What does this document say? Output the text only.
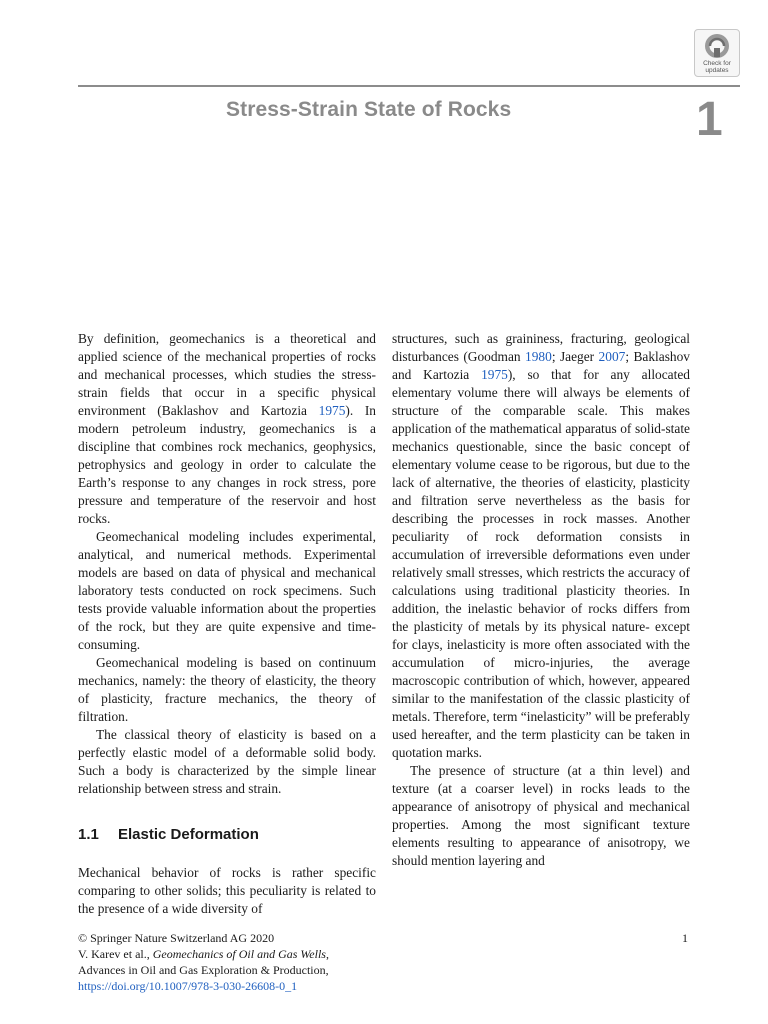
Check for updates
Stress-Strain State of Rocks	1

By definition, geomechanics is a theoretical and applied science of the mechanical properties of rocks and mechanical processes, which studies the stress-strain fields that occur in a specific physical environment (Baklashov and Kartozia 1975). In modern petroleum industry, geomechanics is a discipline that combines rock mechanics, geophysics, petrophysics and geology in order to calculate the Earth’s response to any changes in rock stress, pore pressure and temperature of the reservoir and host rocks.

Geomechanical modeling includes experimental, analytical, and numerical methods. Experimental models are based on data of physical and mechanical laboratory tests conducted on rock specimens. Such tests provide valuable information about the properties of the rock, but they are quite expensive and time-consuming.

Geomechanical modeling is based on continuum mechanics, namely: the theory of elasticity, the theory of plasticity, fracture mechanics, the theory of filtration.

The classical theory of elasticity is based on a perfectly elastic model of a deformable solid body. Such a body is characterized by the simple linear relationship between stress and strain.

1.1 Elastic Deformation

Mechanical behavior of rocks is rather specific comparing to other solids; this peculiarity is related to the presence of a wide diversity of

structures, such as graininess, fracturing, geological disturbances (Goodman 1980; Jaeger 2007; Baklashov and Kartozia 1975), so that for any allocated elementary volume there will always be elements of structure of the comparable scale. This makes application of the mathematical apparatus of solid-state mechanics questionable, since the basic concept of elementary volume cease to be rigorous, but due to the lack of alternative, the theories of elasticity, plasticity and filtration serve nevertheless as the basis for describing the processes in rock masses. Another peculiarity of rock deformation consists in accumulation of irreversible deformations even under relatively small stresses, which restricts the accuracy of calculations using traditional plasticity theories. In addition, the inelastic behavior of rocks differs from the plasticity of metals by its physical nature- except for clays, inelasticity is more often associated with the accumulation of micro-injuries, the average macroscopic contribution of which, however, appeared similar to the manifestation of the classic plasticity of metals. Therefore, term “inelasticity” will be preferably used hereafter, and the term plasticity can be taken in quotation marks.

The presence of structure (at a thin level) and texture (at a coarser level) in rocks leads to the appearance of anisotropy of physical and mechanical properties. Among the most significant texture elements resulting to appearance of anisotropy, we should mention layering and

© Springer Nature Switzerland AG 2020
V. Karev et al., Geomechanics of Oil and Gas Wells,
Advances in Oil and Gas Exploration & Production,
https://doi.org/10.1007/978-3-030-26608-0_1
1
